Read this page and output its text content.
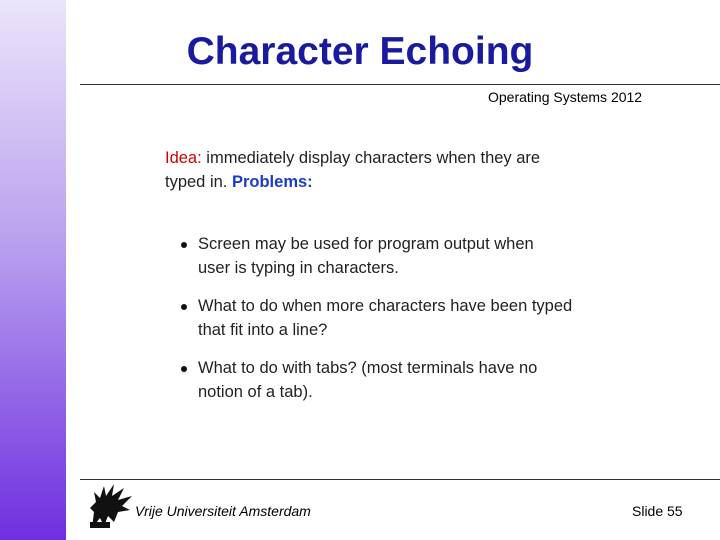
Character Echoing
Operating Systems 2012
Idea: immediately display characters when they are
typed in. Problems:
Screen may be used for program output when
user is typing in characters.
What to do when more characters have been typed
that fit into a line?
What to do with tabs? (most terminals have no
notion of a tab).
Vrije Universiteit Amsterdam	Slide 55
